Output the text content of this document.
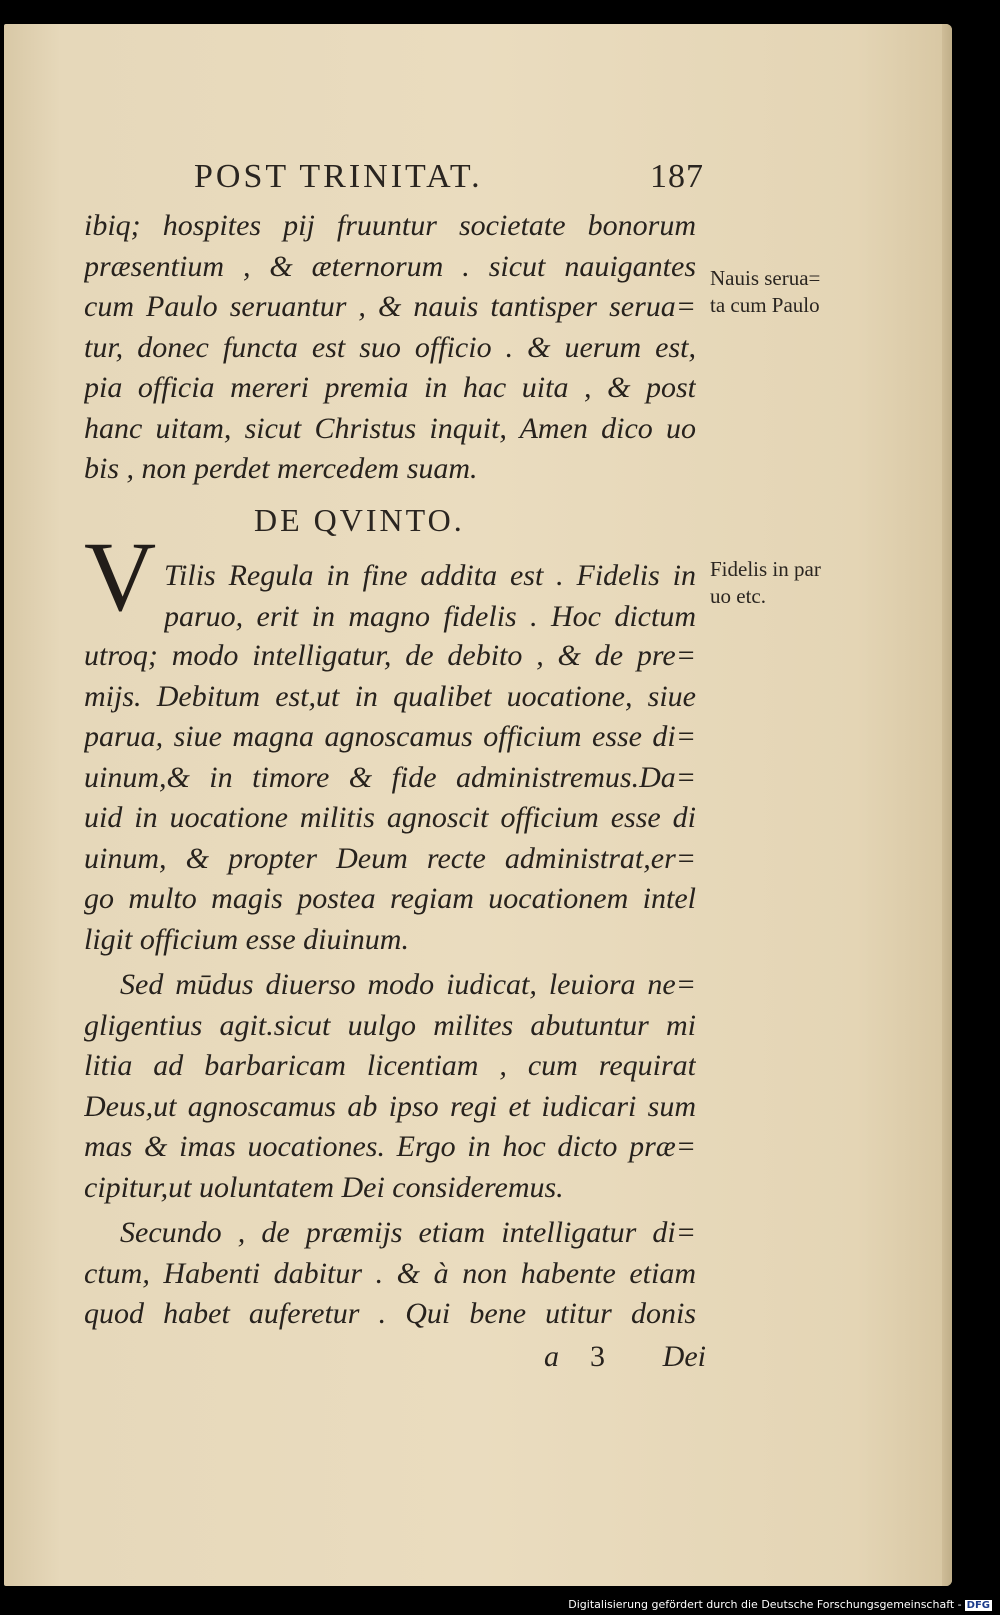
POST TRINITAT.	187
ibiq; hospites pij fruuntur societate bonorum
præsentium , & æternorum . sicut nauigantes
cum Paulo seruantur , & nauis tantisper serua=
tur, donec functa est suo officio . & uerum est,
pia officia mereri premia in hac uita , & post
hanc uitam, sicut Christus inquit, Amen dico uo
bis , non perdet mercedem suam.
DE QVINTO.
V Tilis Regula in fine addita est . Fidelis in
paruo, erit in magno fidelis . Hoc dictum
utroq; modo intelligatur, de debito , & de pre=
mijs. Debitum est,ut in qualibet uocatione, siue
parua, siue magna agnoscamus officium esse di=
uinum,& in timore & fide administremus.Da=
uid in uocatione militis agnoscit officium esse di
uinum, & propter Deum recte administrat,er=
go multo magis postea regiam uocationem intel
ligit officium esse diuinum.
Sed mūdus diuerso modo iudicat, leuiora ne=
gligentius agit.sicut uulgo milites abutuntur mi
litia ad barbaricam licentiam , cum requirat
Deus,ut agnoscamus ab ipso regi et iudicari sum
mas & imas uocationes. Ergo in hoc dicto præ=
cipitur,ut uoluntatem Dei consideremus.
Secundo , de præmijs etiam intelligatur di=
ctum, Habenti dabitur . & à non habente etiam
quod habet auferetur . Qui bene utitur donis
a 3 Dei
Nauis serua=
ta cum Paulo
Fidelis in par
uo etc.
Digitalisierung gefördert durch die Deutsche Forschungsgemeinschaft - DFG
